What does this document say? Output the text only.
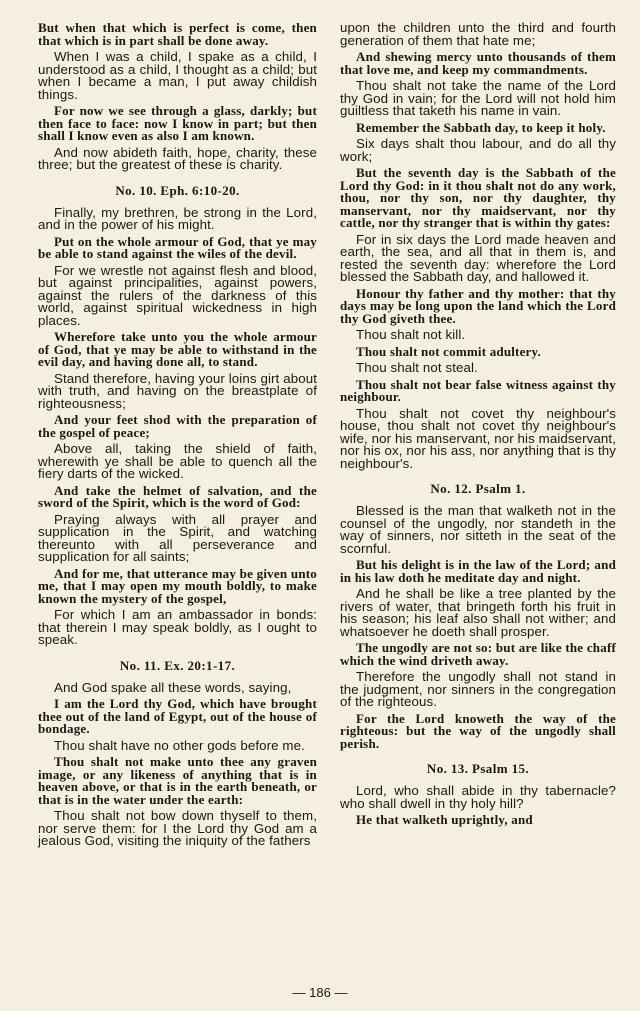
But when that which is perfect is come, then that which is in part shall be done away.
When I was a child, I spake as a child, I understood as a child, I thought as a child; but when I became a man, I put away childish things.
For now we see through a glass, darkly; but then face to face: now I know in part; but then shall I know even as also I am known.
And now abideth faith, hope, charity, these three; but the greatest of these is charity.
No. 10. Eph. 6:10-20.
Finally, my brethren, be strong in the Lord, and in the power of his might.
Put on the whole armour of God, that ye may be able to stand against the wiles of the devil.
For we wrestle not against flesh and blood, but against principalities, against powers, against the rulers of the darkness of this world, against spiritual wickedness in high places.
Wherefore take unto you the whole armour of God, that ye may be able to withstand in the evil day, and having done all, to stand.
Stand therefore, having your loins girt about with truth, and having on the breastplate of righteousness;
And your feet shod with the preparation of the gospel of peace;
Above all, taking the shield of faith, wherewith ye shall be able to quench all the fiery darts of the wicked.
And take the helmet of salvation, and the sword of the Spirit, which is the word of God:
Praying always with all prayer and supplication in the Spirit, and watching thereunto with all perseverance and supplication for all saints;
And for me, that utterance may be given unto me, that I may open my mouth boldly, to make known the mystery of the gospel,
For which I am an ambassador in bonds: that therein I may speak boldly, as I ought to speak.
No. 11. Ex. 20:1-17.
And God spake all these words, saying,
I am the Lord thy God, which have brought thee out of the land of Egypt, out of the house of bondage.
Thou shalt have no other gods before me.
Thou shalt not make unto thee any graven image, or any likeness of anything that is in heaven above, or that is in the earth beneath, or that is in the water under the earth:
Thou shalt not bow down thyself to them, nor serve them: for I the Lord thy God am a jealous God, visiting the iniquity of the fathers
upon the children unto the third and fourth generation of them that hate me;
And shewing mercy unto thousands of them that love me, and keep my commandments.
Thou shalt not take the name of the Lord thy God in vain; for the Lord will not hold him guiltless that taketh his name in vain.
Remember the Sabbath day, to keep it holy.
Six days shalt thou labour, and do all thy work;
But the seventh day is the Sabbath of the Lord thy God: in it thou shalt not do any work, thou, nor thy son, nor thy daughter, thy manservant, nor thy maidservant, nor thy cattle, nor thy stranger that is within thy gates:
For in six days the Lord made heaven and earth, the sea, and all that in them is, and rested the seventh day: wherefore the Lord blessed the Sabbath day, and hallowed it.
Honour thy father and thy mother: that thy days may be long upon the land which the Lord thy God giveth thee.
Thou shalt not kill.
Thou shalt not commit adultery.
Thou shalt not steal.
Thou shalt not bear false witness against thy neighbour.
Thou shalt not covet thy neighbour's house, thou shalt not covet thy neighbour's wife, nor his manservant, nor his maidservant, nor his ox, nor his ass, nor anything that is thy neighbour's.
No. 12. Psalm 1.
Blessed is the man that walketh not in the counsel of the ungodly, nor standeth in the way of sinners, nor sitteth in the seat of the scornful.
But his delight is in the law of the Lord; and in his law doth he meditate day and night.
And he shall be like a tree planted by the rivers of water, that bringeth forth his fruit in his season; his leaf also shall not wither; and whatsoever he doeth shall prosper.
The ungodly are not so: but are like the chaff which the wind driveth away.
Therefore the ungodly shall not stand in the judgment, nor sinners in the congregation of the righteous.
For the Lord knoweth the way of the righteous: but the way of the ungodly shall perish.
No. 13. Psalm 15.
Lord, who shall abide in thy tabernacle? who shall dwell in thy holy hill?
He that walketh uprightly, and
— 186 —
